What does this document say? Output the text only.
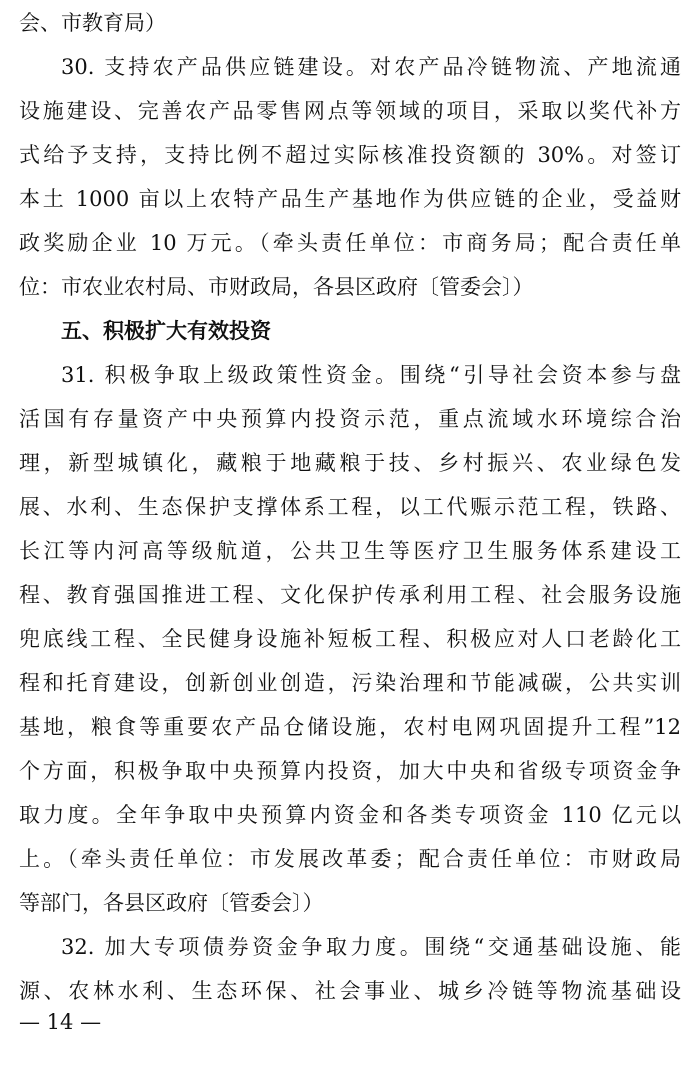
会、市教育局）
30. 支持农产品供应链建设。对农产品冷链物流、产地流通
设施建设、完善农产品零售网点等领域的项目，采取以奖代补方
式给予支持，支持比例不超过实际核准投资额的 30%。对签订
本土 1000 亩以上农特产品生产基地作为供应链的企业，受益财
政奖励企业 10 万元。（牵头责任单位：市商务局；配合责任单
位：市农业农村局、市财政局，各县区政府〔管委会〕）
五、积极扩大有效投资
31. 积极争取上级政策性资金。围绕“引导社会资本参与盘
活国有存量资产中央预算内投资示范，重点流域水环境综合治
理，新型城镇化，藏粮于地藏粮于技、乡村振兴、农业绿色发
展、水利、生态保护支撑体系工程，以工代赈示范工程，铁路、
长江等内河高等级航道，公共卫生等医疗卫生服务体系建设工
程、教育强国推进工程、文化保护传承利用工程、社会服务设施
兜底线工程、全民健身设施补短板工程、积极应对人口老龄化工
程和托育建设，创新创业创造，污染治理和节能减碳，公共实训
基地，粮食等重要农产品仓储设施，农村电网巩固提升工程”12
个方面，积极争取中央预算内投资，加大中央和省级专项资金争
取力度。全年争取中央预算内资金和各类专项资金 110 亿元以
上。（牵头责任单位：市发展改革委；配合责任单位：市财政局
等部门，各县区政府〔管委会〕）
32. 加大专项债券资金争取力度。围绕“交通基础设施、能
源、农林水利、生态环保、社会事业、城乡冷链等物流基础设
— 14 —
